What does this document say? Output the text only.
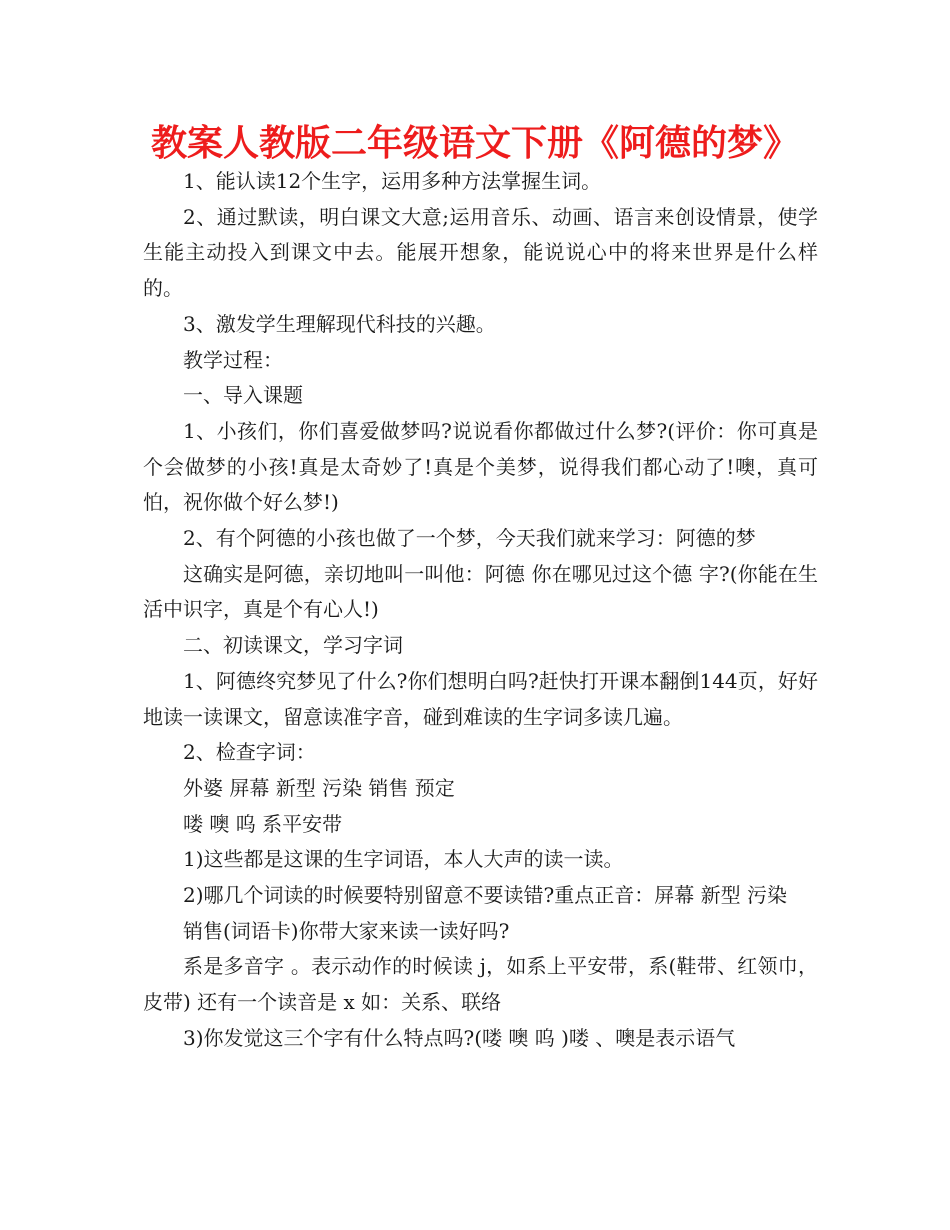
教案人教版二年级语文下册《阿德的梦》

1、能认读12个生字，运用多种方法掌握生词。

2、通过默读，明白课文大意;运用音乐、动画、语言来创设情景，使学生能主动投入到课文中去。能展开想象，能说说心中的将来世界是什么样的。

3、激发学生理解现代科技的兴趣。

教学过程：

一、导入课题

1、小孩们，你们喜爱做梦吗?说说看你都做过什么梦?(评价：你可真是个会做梦的小孩!真是太奇妙了!真是个美梦，说得我们都心动了!噢，真可怕，祝你做个好么梦!)

2、有个阿德的小孩也做了一个梦，今天我们就来学习：阿德的梦

这确实是阿德，亲切地叫一叫他：阿德 你在哪见过这个德 字?(你能在生活中识字，真是个有心人!)

二、初读课文，学习字词

1、阿德终究梦见了什么?你们想明白吗?赶快打开课本翻倒144页，好好地读一读课文，留意读准字音，碰到难读的生字词多读几遍。

2、检查字词：

外婆 屏幕 新型 污染 销售 预定

喽 噢 呜 系平安带

1)这些都是这课的生字词语，本人大声的读一读。

2)哪几个词读的时候要特别留意不要读错?重点正音：屏幕 新型 污染

销售(词语卡)你带大家来读一读好吗?

系是多音字 。表示动作的时候读 j，如系上平安带，系(鞋带、红领巾，皮带) 还有一个读音是 x 如：关系、联络

3)你发觉这三个字有什么特点吗?(喽 噢 呜 )喽 、噢是表示语气
